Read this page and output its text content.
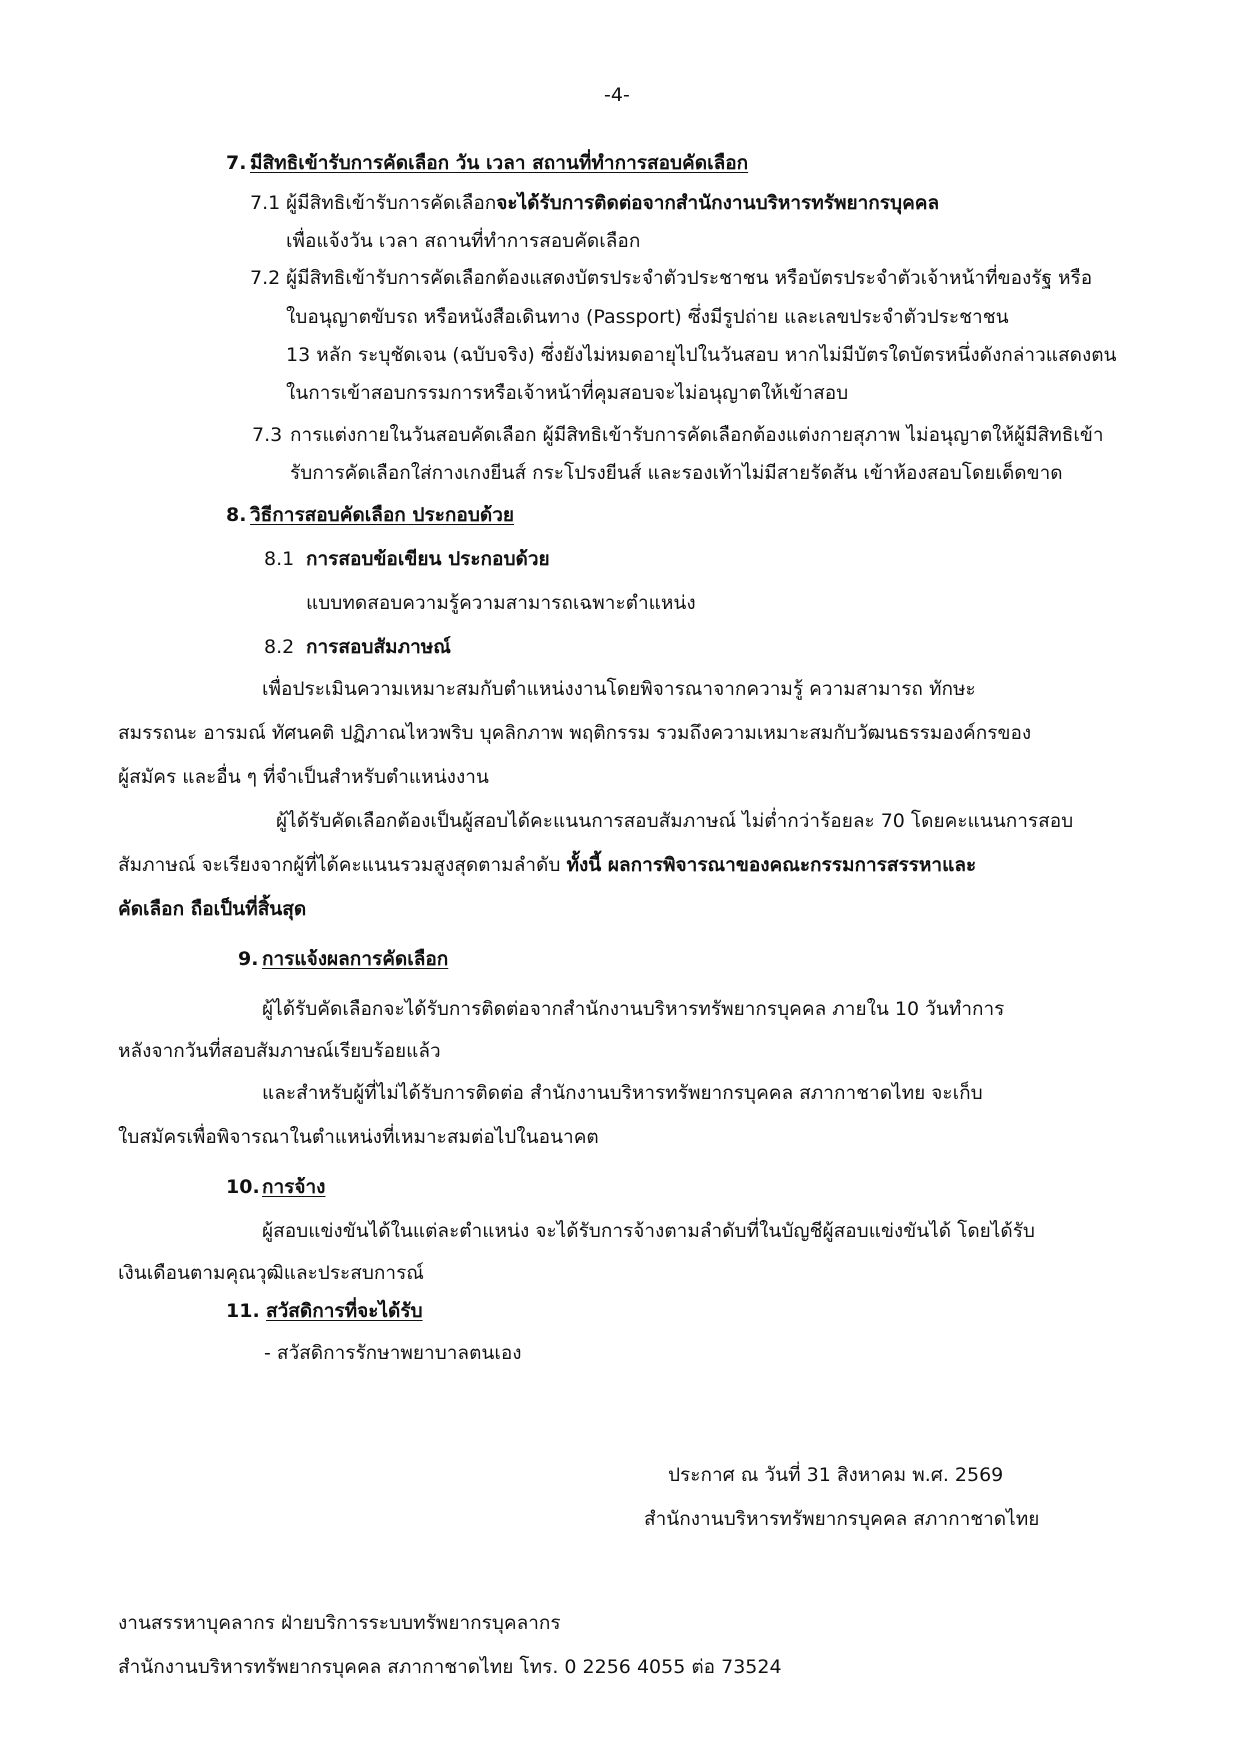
-4-
7. มีสิทธิเข้ารับการคัดเลือก วัน เวลา สถานที่ทำการสอบคัดเลือก
7.1 ผู้มีสิทธิเข้ารับการคัดเลือกจะได้รับการติดต่อจากสำนักงานบริหารทรัพยากรบุคคล
เพื่อแจ้งวัน เวลา สถานที่ทำการสอบคัดเลือก
7.2 ผู้มีสิทธิเข้ารับการคัดเลือกต้องแสดงบัตรประจำตัวประชาชน หรือบัตรประจำตัวเจ้าหน้าที่ของรัฐ หรือ
ใบอนุญาตขับรถ หรือหนังสือเดินทาง (Passport) ซึ่งมีรูปถ่าย และเลขประจำตัวประชาชน
13 หลัก ระบุชัดเจน (ฉบับจริง) ซึ่งยังไม่หมดอายุไปในวันสอบ หากไม่มีบัตรใดบัตรหนึ่งดังกล่าวแสดงตน
ในการเข้าสอบกรรมการหรือเจ้าหน้าที่คุมสอบจะไม่อนุญาตให้เข้าสอบ
7.3 การแต่งกายในวันสอบคัดเลือก ผู้มีสิทธิเข้ารับการคัดเลือกต้องแต่งกายสุภาพ ไม่อนุญาตให้ผู้มีสิทธิเข้า
รับการคัดเลือกใส่กางเกงยีนส์ กระโปรงยีนส์ และรองเท้าไม่มีสายรัดส้น เข้าห้องสอบโดยเด็ดขาด
8. วิธีการสอบคัดเลือก ประกอบด้วย
8.1 การสอบข้อเขียน ประกอบด้วย
แบบทดสอบความรู้ความสามารถเฉพาะตำแหน่ง
8.2 การสอบสัมภาษณ์
เพื่อประเมินความเหมาะสมกับตำแหน่งงานโดยพิจารณาจากความรู้ ความสามารถ ทักษะ
สมรรถนะ อารมณ์ ทัศนคติ ปฏิภาณไหวพริบ บุคลิกภาพ พฤติกรรม รวมถึงความเหมาะสมกับวัฒนธรรมองค์กรของ
ผู้สมัคร และอื่น ๆ ที่จำเป็นสำหรับตำแหน่งงาน
ผู้ได้รับคัดเลือกต้องเป็นผู้สอบได้คะแนนการสอบสัมภาษณ์ ไม่ต่ำกว่าร้อยละ 70 โดยคะแนนการสอบ
สัมภาษณ์ จะเรียงจากผู้ที่ได้คะแนนรวมสูงสุดตามลำดับ ทั้งนี้ ผลการพิจารณาของคณะกรรมการสรรหาและ
คัดเลือก ถือเป็นที่สิ้นสุด
9. การแจ้งผลการคัดเลือก
ผู้ได้รับคัดเลือกจะได้รับการติดต่อจากสำนักงานบริหารทรัพยากรบุคคล ภายใน 10 วันทำการ
หลังจากวันที่สอบสัมภาษณ์เรียบร้อยแล้ว
และสำหรับผู้ที่ไม่ได้รับการติดต่อ สำนักงานบริหารทรัพยากรบุคคล สภากาชาดไทย จะเก็บ
ใบสมัครเพื่อพิจารณาในตำแหน่งที่เหมาะสมต่อไปในอนาคต
10. การจ้าง
ผู้สอบแข่งขันได้ในแต่ละตำแหน่ง จะได้รับการจ้างตามลำดับที่ในบัญชีผู้สอบแข่งขันได้ โดยได้รับ
เงินเดือนตามคุณวุฒิและประสบการณ์
11. สวัสดิการที่จะได้รับ
- สวัสดิการรักษาพยาบาลตนเอง
ประกาศ ณ วันที่ 31 สิงหาคม พ.ศ. 2569
สำนักงานบริหารทรัพยากรบุคคล สภากาชาดไทย
งานสรรหาบุคลากร ฝ่ายบริการระบบทรัพยากรบุคลากร
สำนักงานบริหารทรัพยากรบุคคล สภากาชาดไทย โทร. 0 2256 4055 ต่อ 73524
